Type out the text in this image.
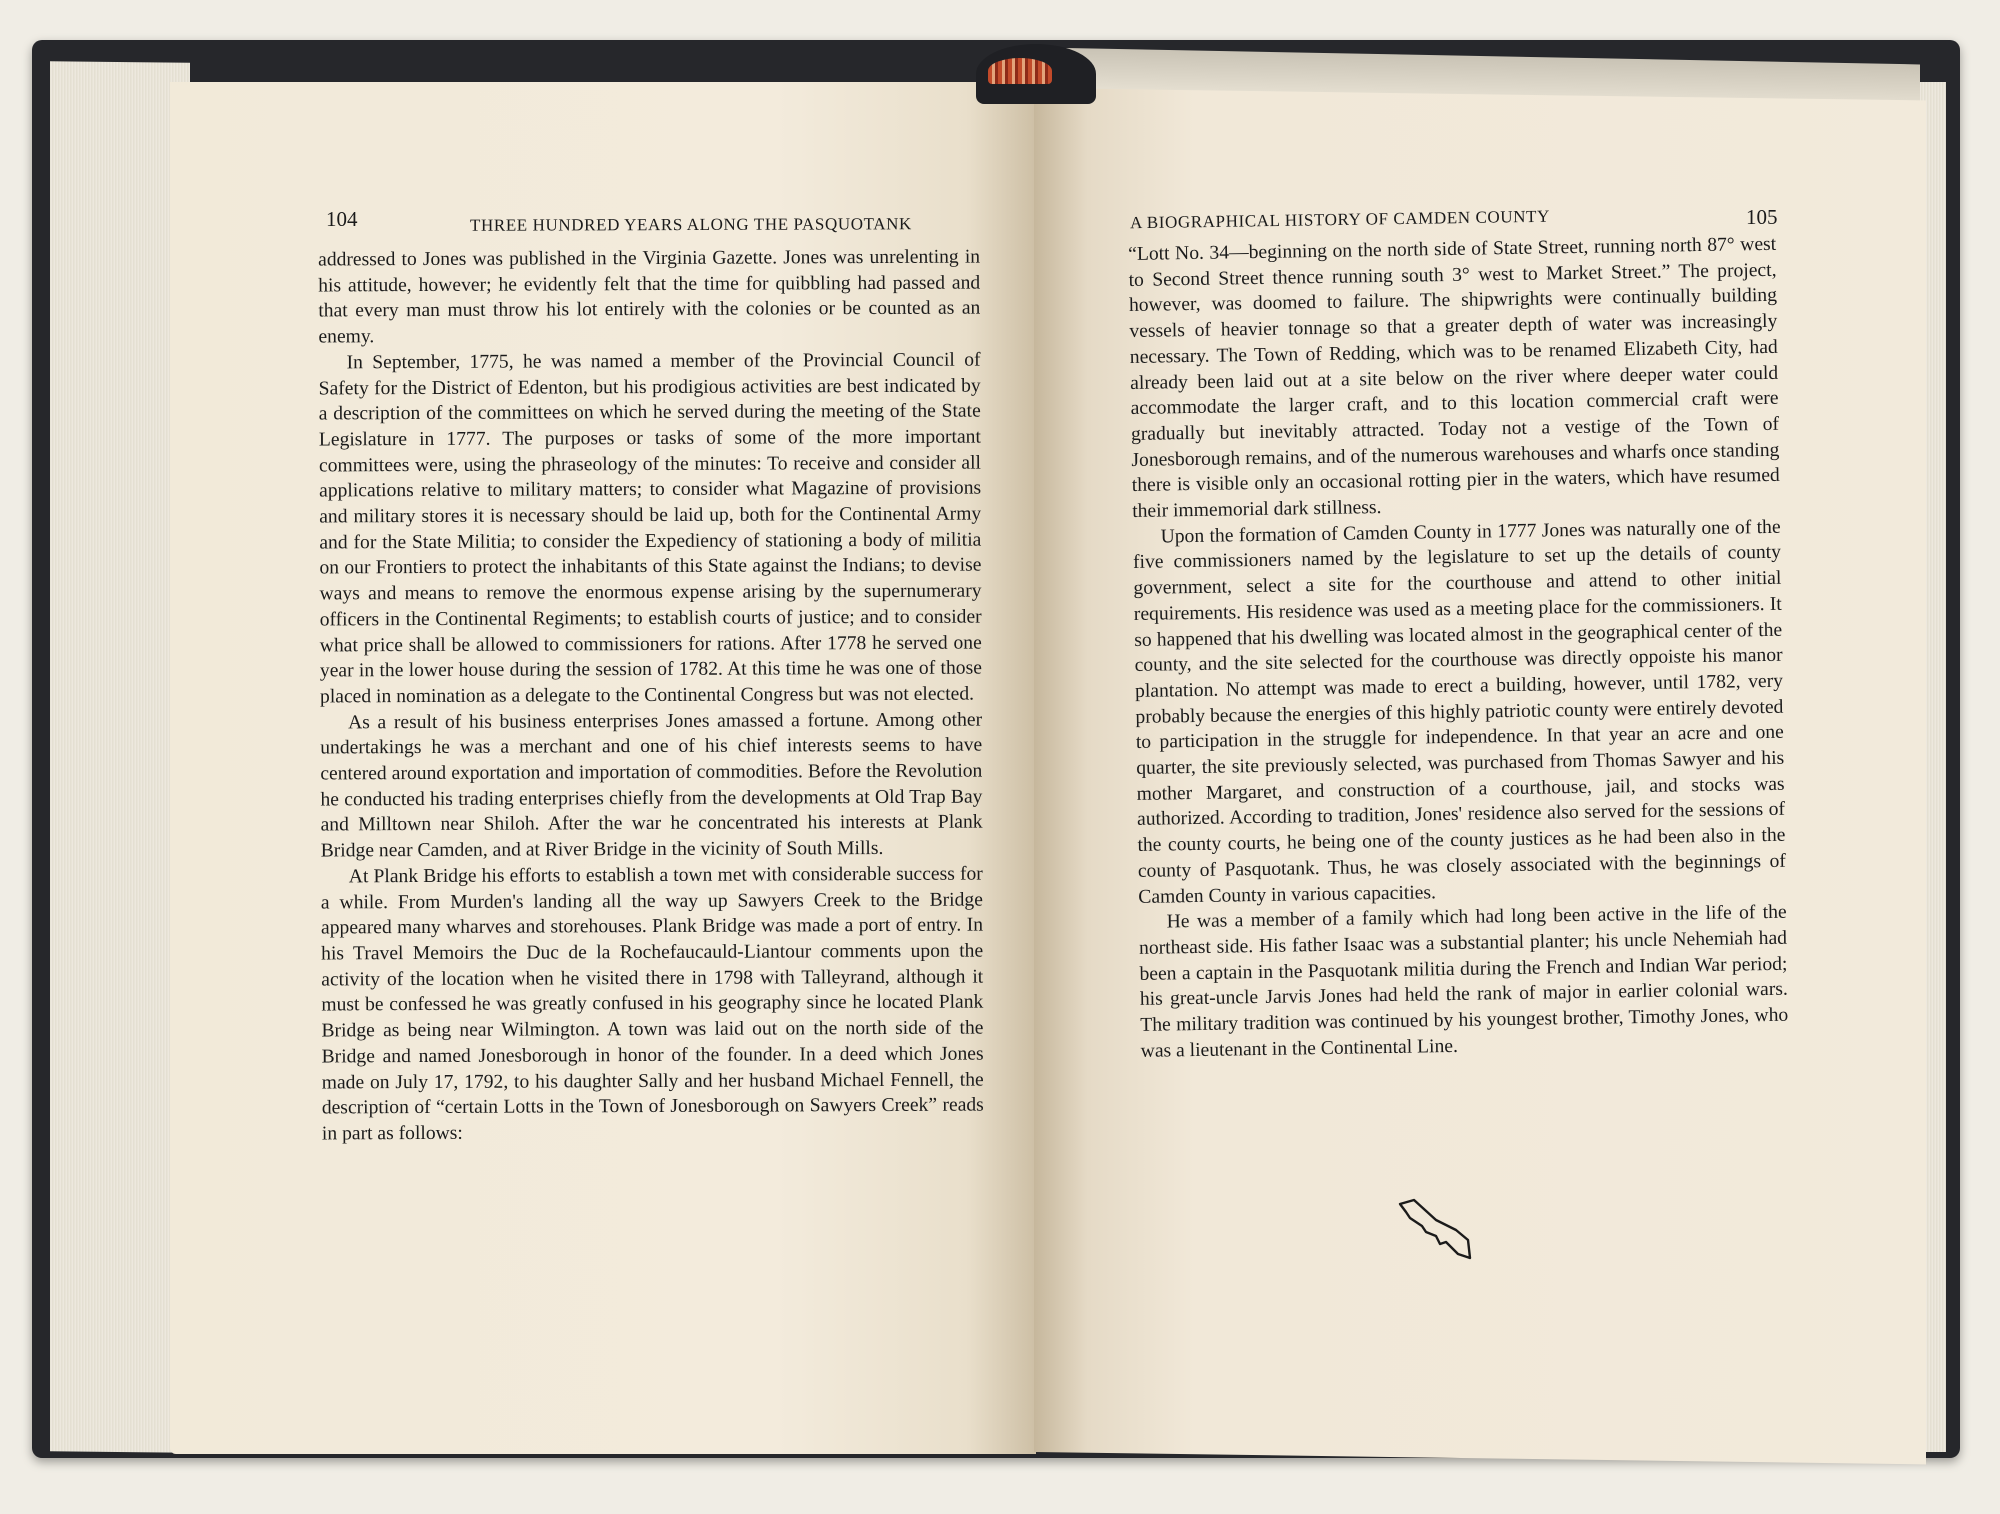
104	THREE HUNDRED YEARS ALONG THE PASQUOTANK

addressed to Jones was published in the Virginia Gazette. Jones was unrelenting in his attitude, however; he evidently felt that the time for quibbling had passed and that every man must throw his lot entirely with the colonies or be counted as an enemy.

In September, 1775, he was named a member of the Provincial Council of Safety for the District of Edenton, but his prodigious activities are best indicated by a description of the committees on which he served during the meeting of the State Legislature in 1777. The purposes or tasks of some of the more important committees were, using the phraseology of the minutes: To receive and consider all applications relative to military matters; to consider what Magazine of provisions and military stores it is necessary should be laid up, both for the Continental Army and for the State Militia; to consider the Expediency of stationing a body of militia on our Frontiers to protect the inhabitants of this State against the Indians; to devise ways and means to remove the enormous expense arising by the supernumerary officers in the Continental Regiments; to establish courts of justice; and to consider what price shall be allowed to commissioners for rations. After 1778 he served one year in the lower house during the session of 1782. At this time he was one of those placed in nomination as a delegate to the Continental Congress but was not elected.

As a result of his business enterprises Jones amassed a fortune. Among other undertakings he was a merchant and one of his chief interests seems to have centered around exportation and importation of commodities. Before the Revolution he conducted his trading enterprises chiefly from the developments at Old Trap Bay and Milltown near Shiloh. After the war he concentrated his interests at Plank Bridge near Camden, and at River Bridge in the vicinity of South Mills.

At Plank Bridge his efforts to establish a town met with considerable success for a while. From Murden's landing all the way up Sawyers Creek to the Bridge appeared many wharves and storehouses. Plank Bridge was made a port of entry. In his Travel Memoirs the Duc de la Rochefaucauld-Liantour comments upon the activity of the location when he visited there in 1798 with Talleyrand, although it must be confessed he was greatly confused in his geography since he located Plank Bridge as being near Wilmington. A town was laid out on the north side of the Bridge and named Jonesborough in honor of the founder. In a deed which Jones made on July 17, 1792, to his daughter Sally and her husband Michael Fennell, the description of “certain Lotts in the Town of Jonesborough on Sawyers Creek” reads in part as follows:

A BIOGRAPHICAL HISTORY OF CAMDEN COUNTY	105

“Lott No. 34—beginning on the north side of State Street, running north 87° west to Second Street thence running south 3° west to Market Street.” The project, however, was doomed to failure. The shipwrights were continually building vessels of heavier tonnage so that a greater depth of water was increasingly necessary. The Town of Redding, which was to be renamed Elizabeth City, had already been laid out at a site below on the river where deeper water could accommodate the larger craft, and to this location commercial craft were gradually but inevitably attracted. Today not a vestige of the Town of Jonesborough remains, and of the numerous warehouses and wharfs once standing there is visible only an occasional rotting pier in the waters, which have resumed their immemorial dark stillness.

Upon the formation of Camden County in 1777 Jones was naturally one of the five commissioners named by the legislature to set up the details of county government, select a site for the courthouse and attend to other initial requirements. His residence was used as a meeting place for the commissioners. It so happened that his dwelling was located almost in the geographical center of the county, and the site selected for the courthouse was directly oppoiste his manor plantation. No attempt was made to erect a building, however, until 1782, very probably because the energies of this highly patriotic county were entirely devoted to participation in the struggle for independence. In that year an acre and one quarter, the site previously selected, was purchased from Thomas Sawyer and his mother Margaret, and construction of a courthouse, jail, and stocks was authorized. According to tradition, Jones' residence also served for the sessions of the county courts, he being one of the county justices as he had been also in the county of Pasquotank. Thus, he was closely associated with the beginnings of Camden County in various capacities.

He was a member of a family which had long been active in the life of the northeast side. His father Isaac was a substantial planter; his uncle Nehemiah had been a captain in the Pasquotank militia during the French and Indian War period; his great-uncle Jarvis Jones had held the rank of major in earlier colonial wars. The military tradition was continued by his youngest brother, Timothy Jones, who was a lieutenant in the Continental Line.
